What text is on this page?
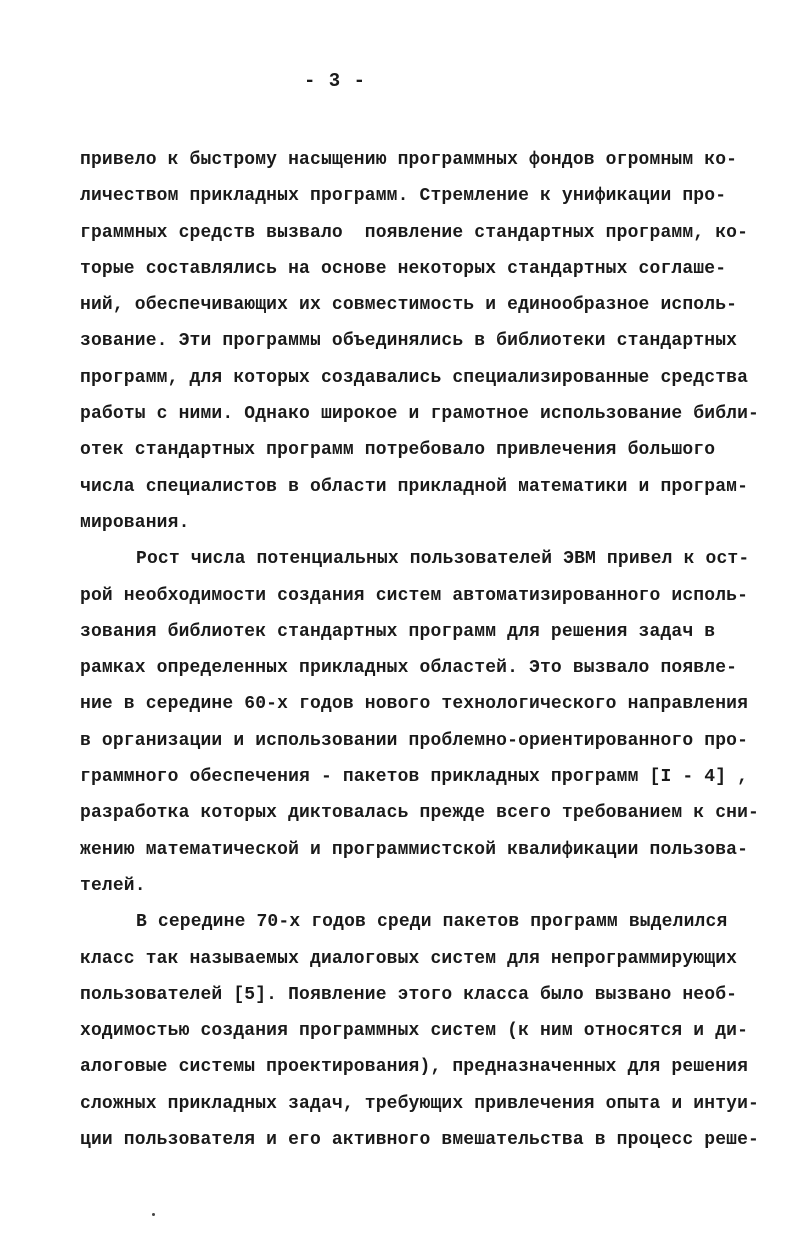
- 3 -
привело к быстрому насыщению программных фондов огромным ко-
личеством прикладных программ. Стремление к унификации про-
граммных средств вызвало  появление стандартных программ, ко-
торые составлялись на основе некоторых стандартных соглаше-
ний, обеспечивающих их совместимость и единообразное исполь-
зование. Эти программы объединялись в библиотеки стандартных
программ, для которых создавались специализированные средства
работы с ними. Однако широкое и грамотное использование библи-
отек стандартных программ потребовало привлечения большого
числа специалистов в области прикладной математики и програм-
мирования.
Рост числа потенциальных пользователей ЭВМ привел к ост-
рой необходимости создания систем автоматизированного исполь-
зования библиотек стандартных программ для решения задач в
рамках определенных прикладных областей. Это вызвало появле-
ние в середине 60-х годов нового технологического направления
в организации и использовании проблемно-ориентированного про-
граммного обеспечения - пакетов прикладных программ [I - 4] ,
разработка которых диктовалась прежде всего требованием к сни-
жению математической и программистской квалификации пользова-
телей.
В середине 70-х годов среди пакетов программ выделился
класс так называемых диалоговых систем для непрограммирующих
пользователей [5]. Появление этого класса было вызвано необ-
ходимостью создания программных систем (к ним относятся и ди-
алоговые системы проектирования), предназначенных для решения
сложных прикладных задач, требующих привлечения опыта и интуи-
ции пользователя и его активного вмешательства в процесс реше-
